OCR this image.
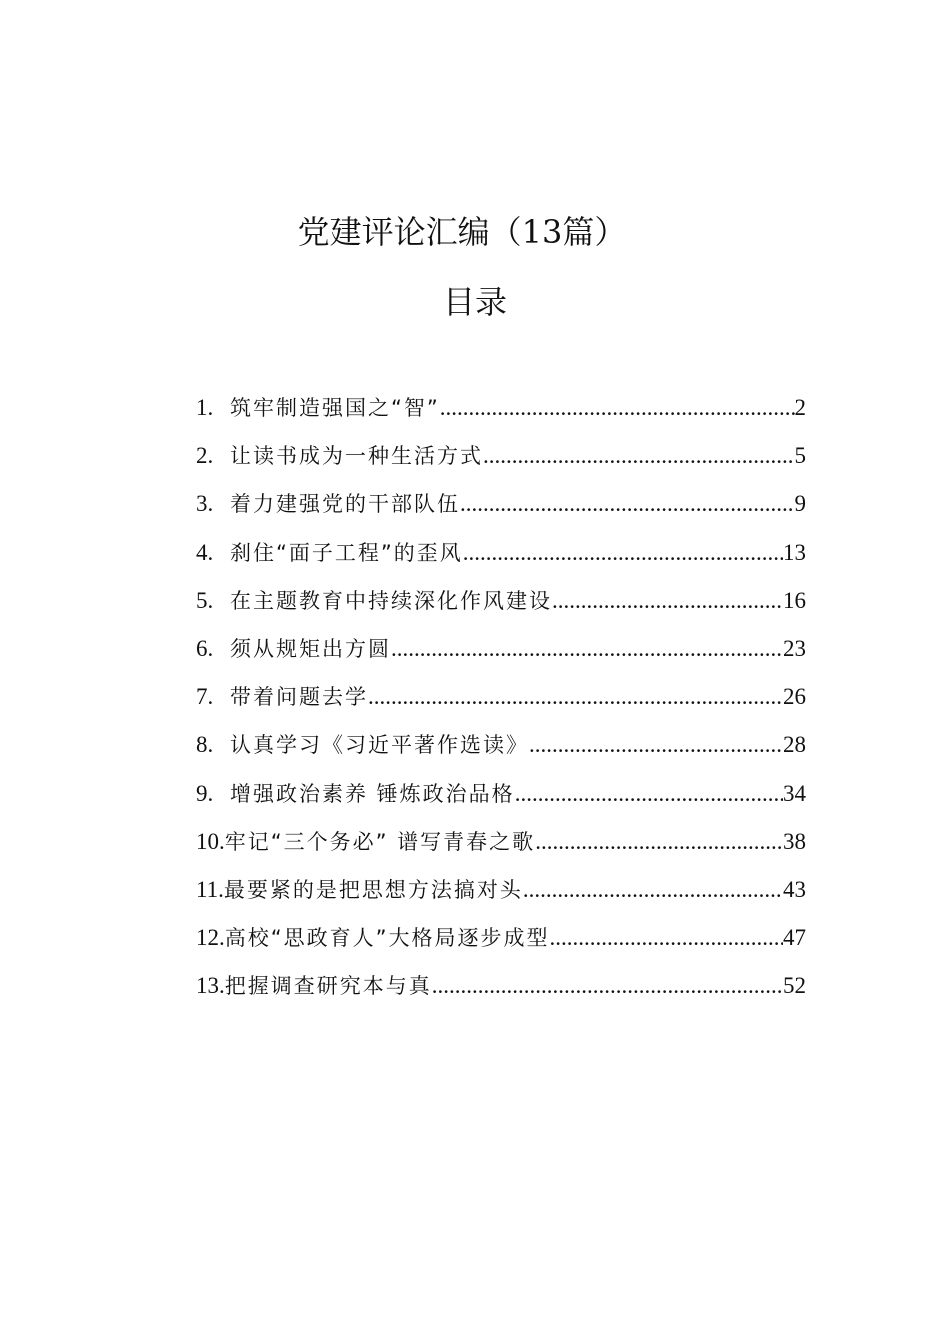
党建评论汇编（13篇）
目录
1. 筑牢制造强国之“智” .....	2
2. 让读书成为一种生活方式 .....	5
3. 着力建强党的干部队伍 .....	9
4. 刹住“面子工程”的歪风 .....	13
5. 在主题教育中持续深化作风建设 .....	16
6. 须从规矩出方圆 .....	23
7. 带着问题去学 .....	26
8. 认真学习《习近平著作选读》 .....	28
9. 增强政治素养 锤炼政治品格 .....	34
10. 牢记“三个务必” 谱写青春之歌 .....	38
11. 最要紧的是把思想方法搞对头 .....	43
12. 高校“思政育人”大格局逐步成型 .....	47
13. 把握调查研究本与真 .....	52
